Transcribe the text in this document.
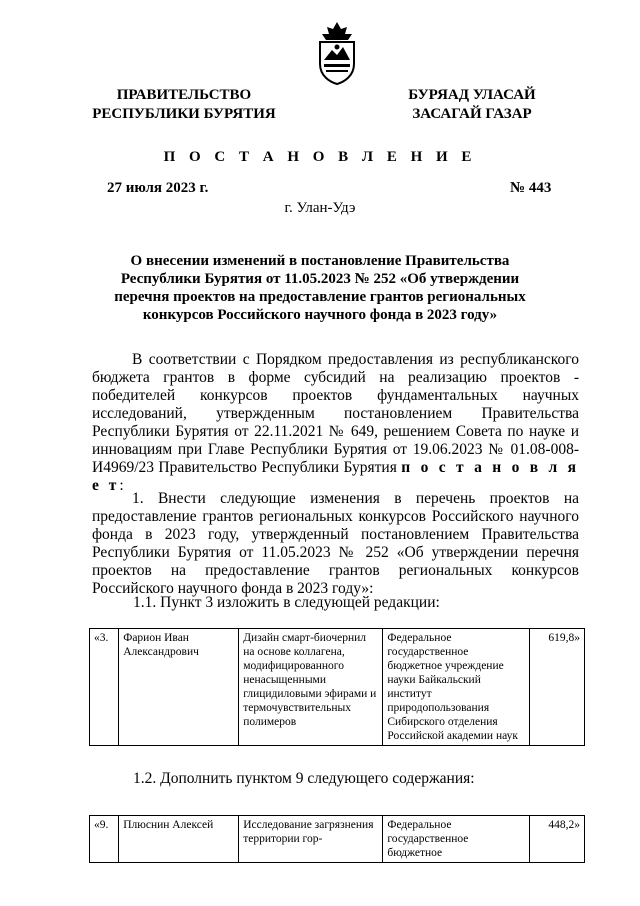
ПРАВИТЕЛЬСТВО
РЕСПУБЛИКИ БУРЯТИЯ
БУРЯАД УЛАСАЙ
ЗАСАГАЙ ГАЗАР
П О С Т А Н О В Л Е Н И Е
27 июля 2023 г.	№ 443
г. Улан-Удэ
О внесении изменений в постановление Правительства
Республики Бурятия от 11.05.2023 № 252 «Об утверждении
перечня проектов на предоставление грантов региональных
конкурсов Российского научного фонда в 2023 году»
В соответствии с Порядком предоставления из республиканского бюджета грантов в форме субсидий на реализацию проектов - победителей конкурсов проектов фундаментальных научных исследований, утвержденным постановлением Правительства Республики Бурятия от 22.11.2021 № 649, решением Совета по науке и инновациям при Главе Республики Бурятия от 19.06.2023 № 01.08-008-И4969/23 Правительство Республики Бурятия п о с т а н о в л я е т:
1. Внести следующие изменения в перечень проектов на предоставление грантов региональных конкурсов Российского научного фонда в 2023 году, утвержденный постановлением Правительства Республики Бурятия от 11.05.2023 № 252 «Об утверждении перечня проектов на предоставление грантов региональных конкурсов Российского научного фонда в 2023 году»:
1.1. Пункт 3 изложить в следующей редакции:
«3.	Фарион Иван Александрович	Дизайн смарт-биочернил на основе коллагена, модифицированного ненасыщенными глицидиловыми эфирами и термочувствительных полимеров	Федеральное государственное бюджетное учреждение науки Байкальский институт природопользования Сибирского отделения Российской академии наук	619,8»
1.2. Дополнить пунктом 9 следующего содержания:
«9.	Плюснин Алексей	Исследование загрязнения территории гор-	Федеральное государственное бюджетное	448,2»
